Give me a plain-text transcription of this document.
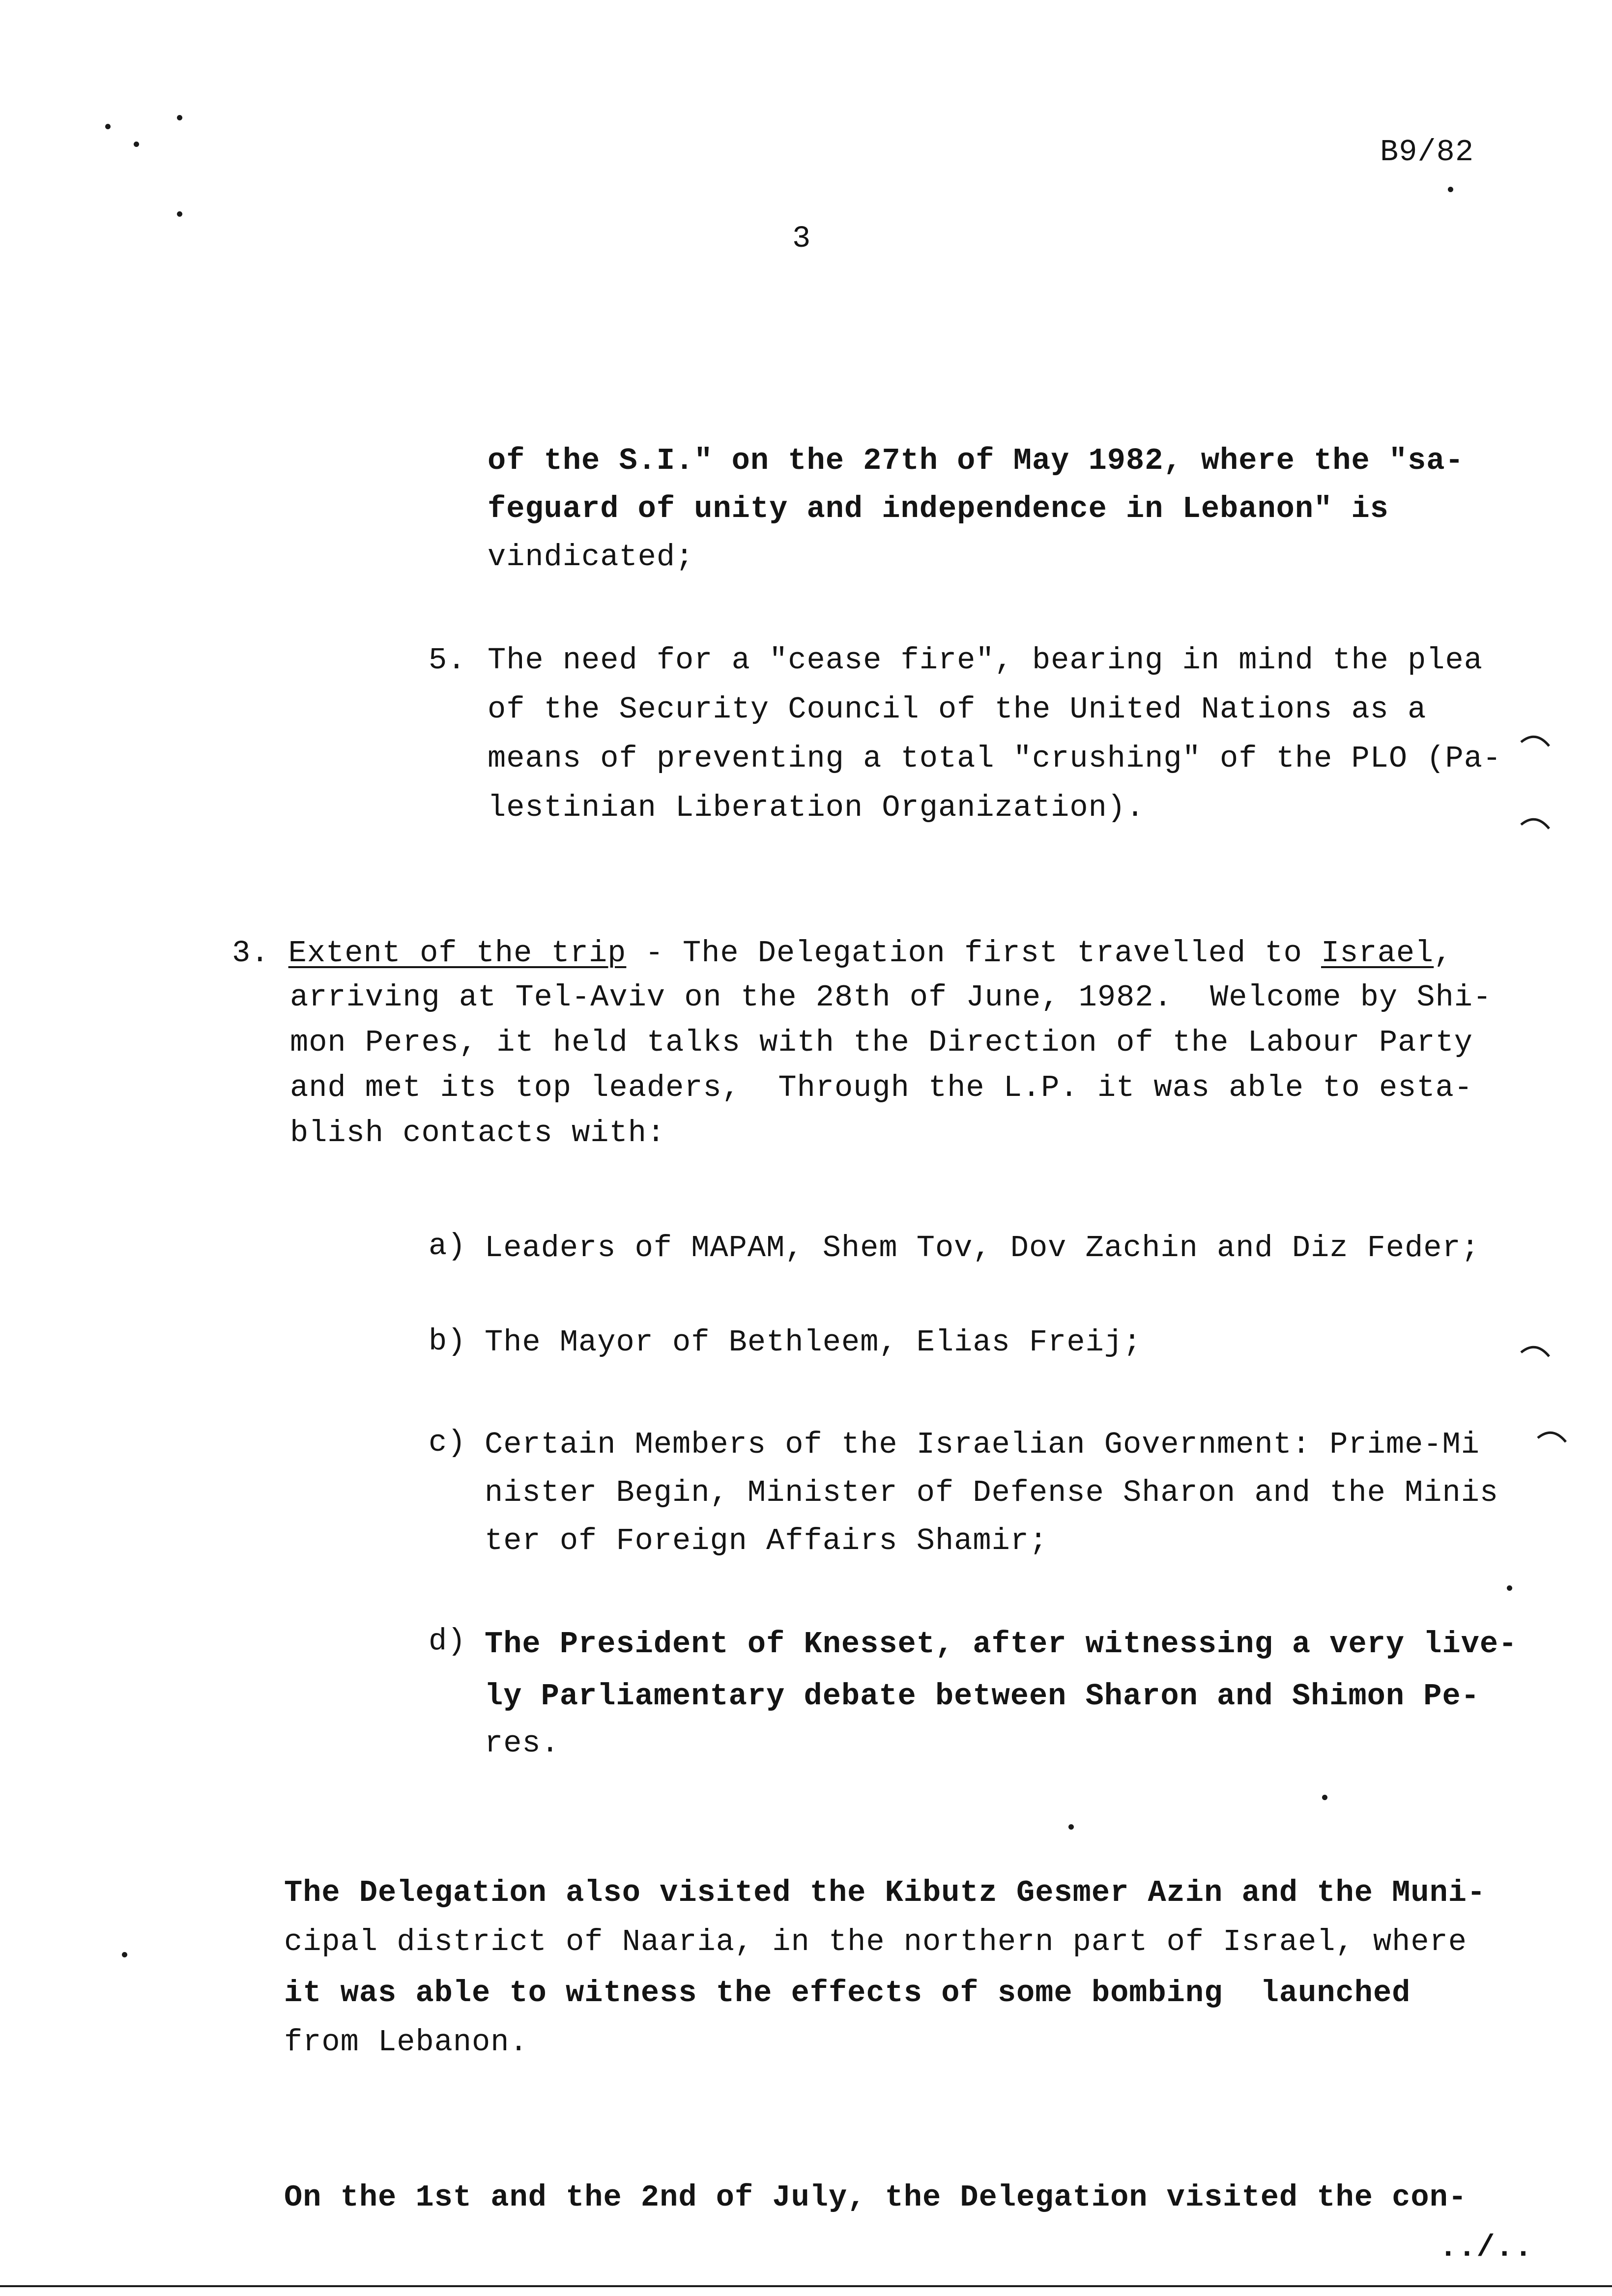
B9/82
3
of the S.I." on the 27th of May 1982, where the "sa-
feguard of unity and independence in Lebanon" is
vindicated;
5. The need for a "cease fire", bearing in mind the plea
of the Security Council of the United Nations as a
means of preventing a total "crushing" of the PLO (Pa-
lestinian Liberation Organization).
3. Extent of the trip - The Delegation first travelled to Israel,
arriving at Tel-Aviv on the 28th of June, 1982.  Welcome by Shi-
mon Peres, it held talks with the Direction of the Labour Party
and met its top leaders,  Through the L.P. it was able to esta-
blish contacts with:
a) Leaders of MAPAM, Shem Tov, Dov Zachin and Diz Feder;
b) The Mayor of Bethleem, Elias Freij;
c) Certain Members of the Israelian Government: Prime-Mi
nister Begin, Minister of Defense Sharon and the Minis
ter of Foreign Affairs Shamir;
d) The President of Knesset, after witnessing a very live-
ly Parliamentary debate between Sharon and Shimon Pe-
res.
The Delegation also visited the Kibutz Gesmer Azin and the Muni-
cipal district of Naaria, in the northern part of Israel, where
it was able to witness the effects of some bombing  launched
from Lebanon.
On the 1st and the 2nd of July, the Delegation visited the con-
../..
